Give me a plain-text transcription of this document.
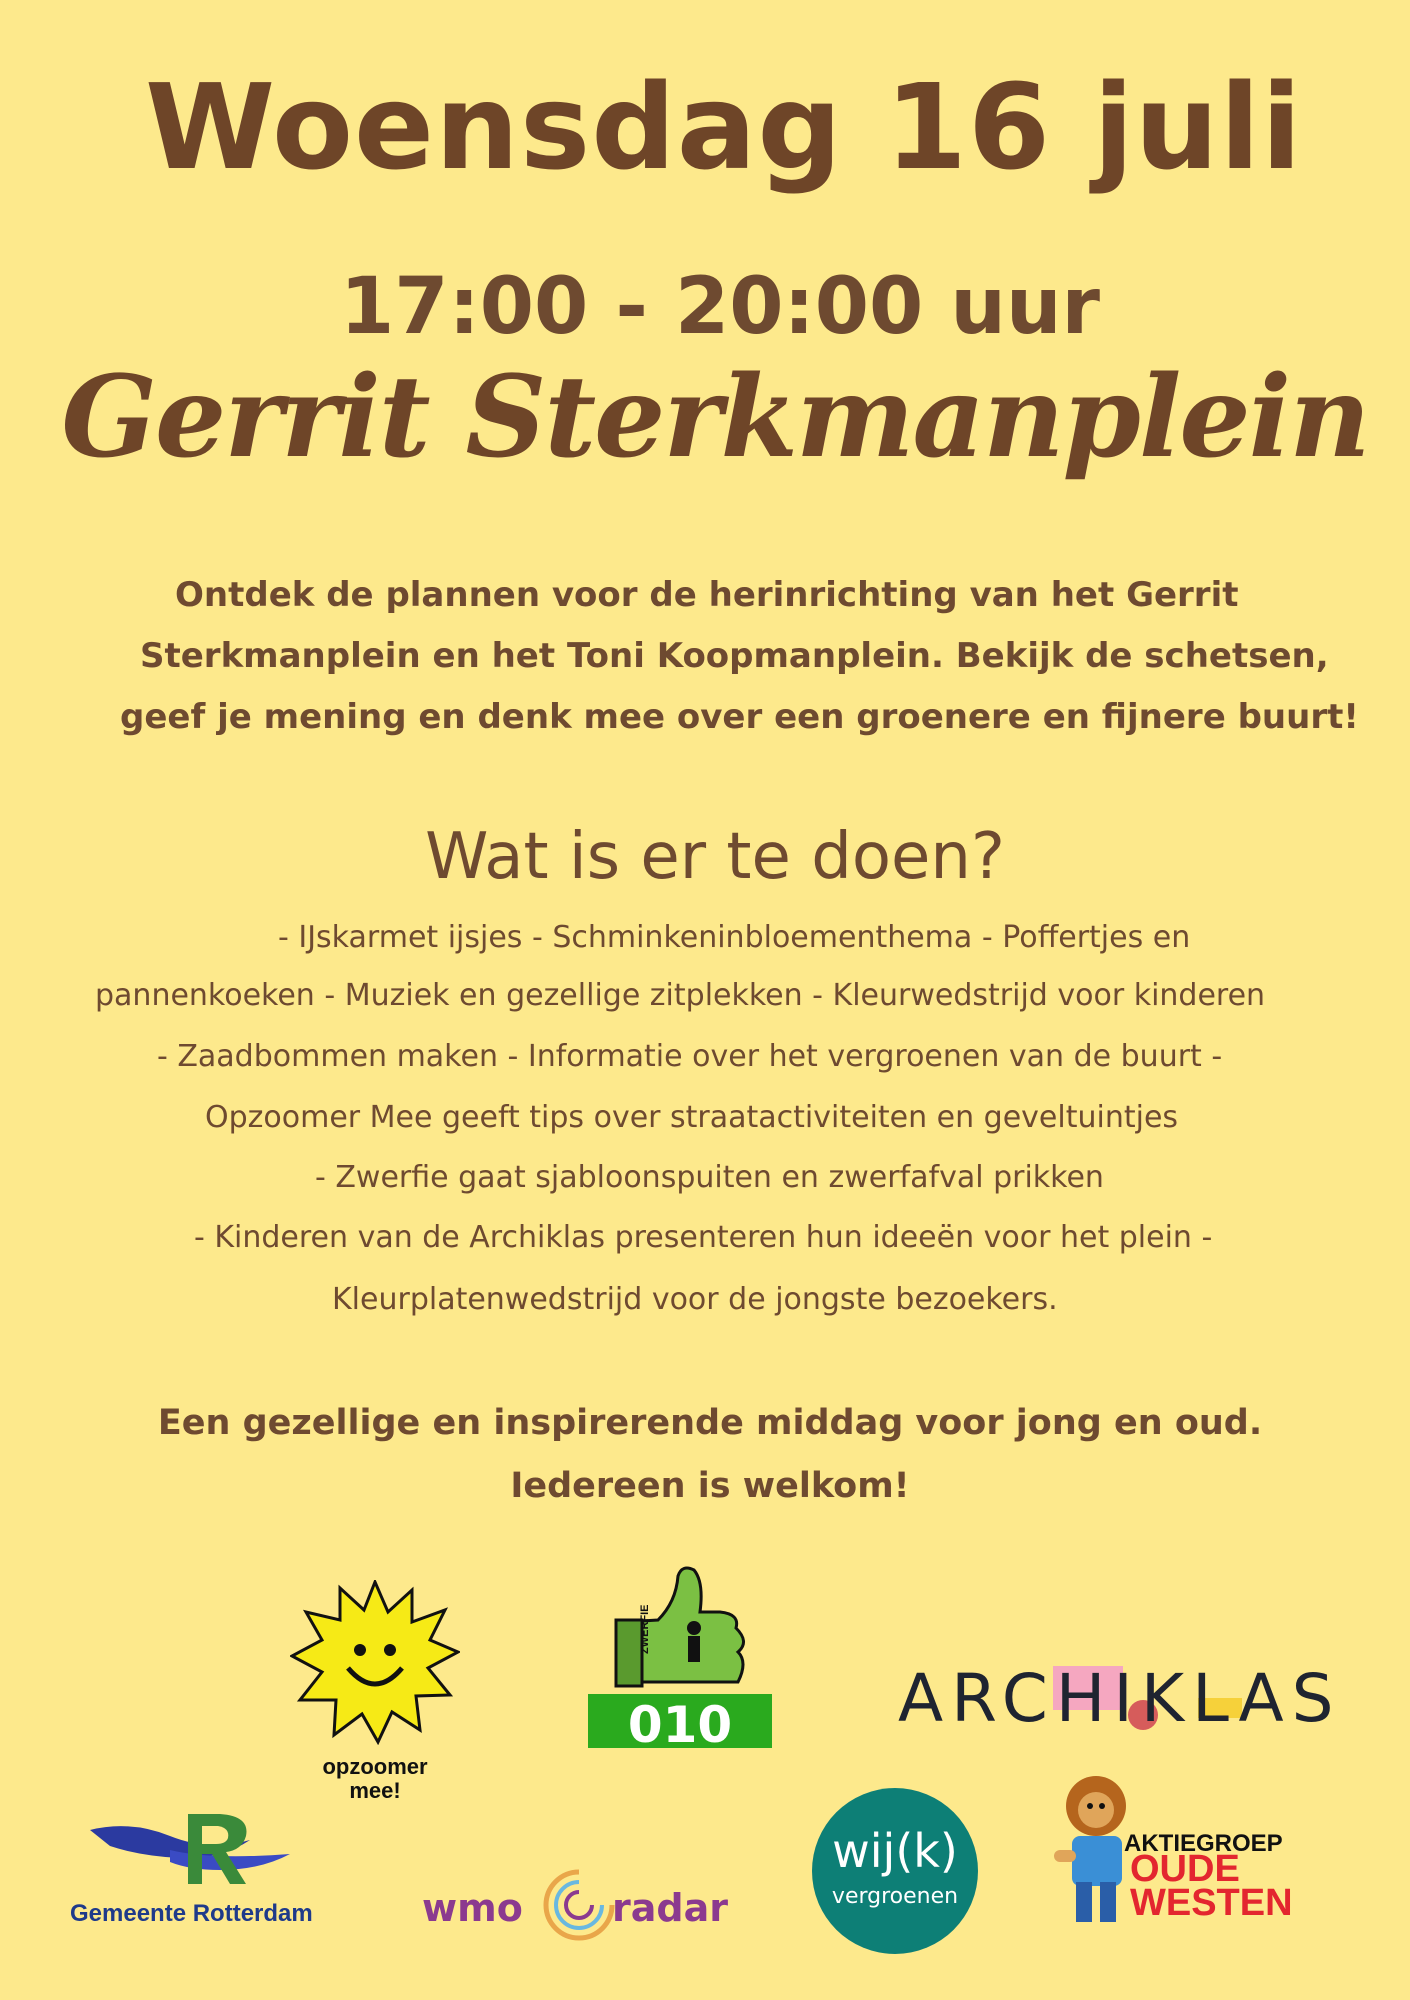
Woensdag 16 juli
17:00 - 20:00 uur
Gerrit Sterkmanplein
Ontdek de plannen voor de herinrichting van het Gerrit
Sterkmanplein en het Toni Koopmanplein. Bekijk de schetsen,
geef je mening en denk mee over een groenere en fijnere buurt!
Wat is er te doen?
- IJskarmet ijsjes - Schminkeninbloementhema - Poffertjes en
pannenkoeken - Muziek en gezellige zitplekken - Kleurwedstrijd voor kinderen
- Zaadbommen maken - Informatie over het vergroenen van de buurt -
Opzoomer Mee geeft tips over straatactiviteiten en geveltuintjes
- Zwerfie gaat sjabloonspuiten en zwerfafval prikken
- Kinderen van de Archiklas presenteren hun ideeën voor het plein -
Kleurplatenwedstrijd voor de jongste bezoekers.
Een gezellige en inspirerende middag voor jong en oud.
Iedereen is welkom!
opzoomer
mee!
ZWERFIE
010	ARCHIKLAS
Gemeente Rotterdam	wmo radar
wij(k)
vergroenen
AKTIEGROEP
OUDE
WESTEN
